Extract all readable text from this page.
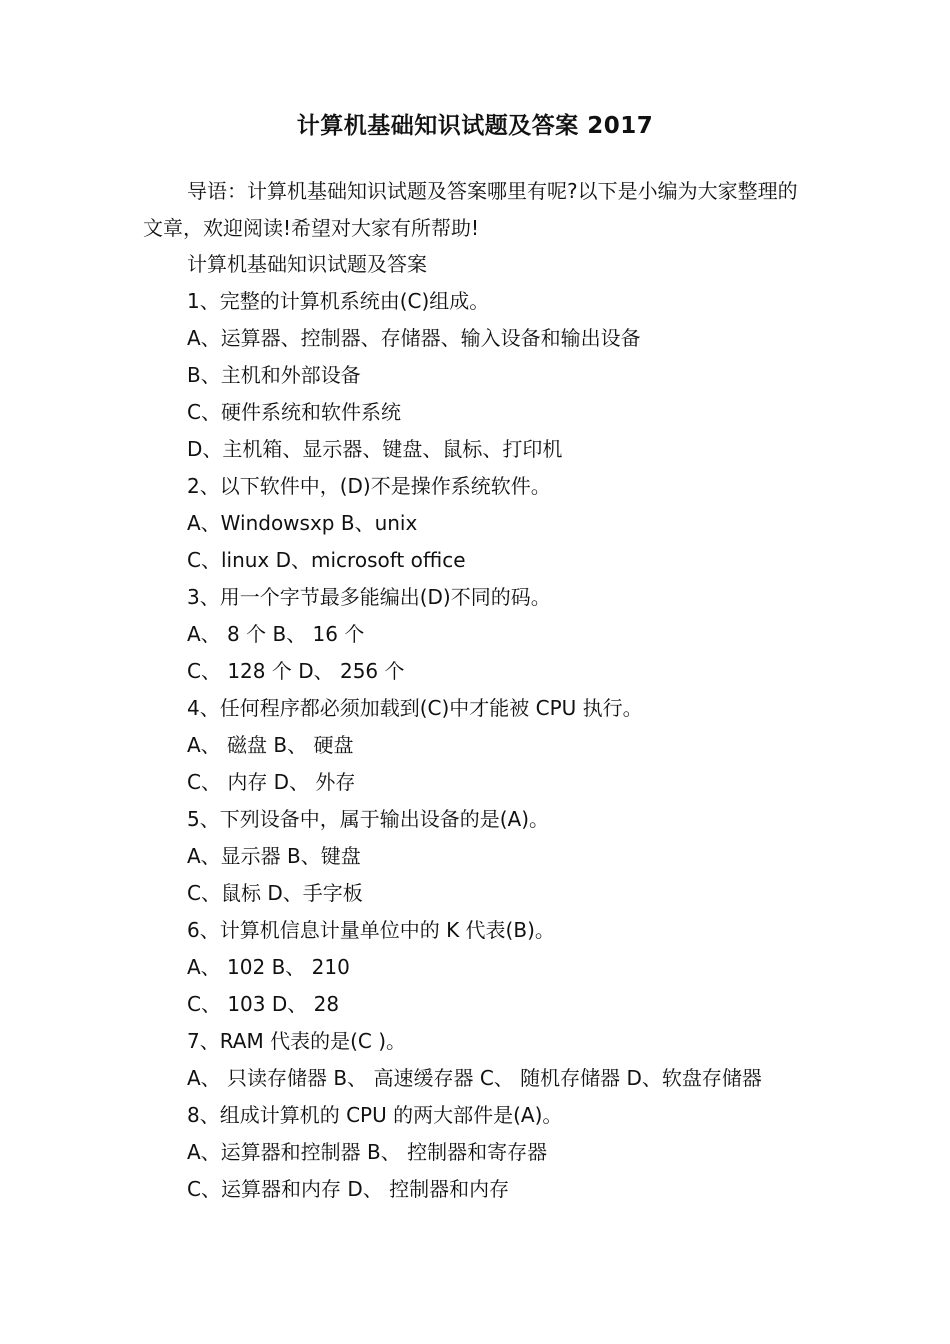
计算机基础知识试题及答案 2017
导语：计算机基础知识试题及答案哪里有呢?以下是小编为大家整理的文章，欢迎阅读!希望对大家有所帮助!
计算机基础知识试题及答案
1、完整的计算机系统由(C)组成。
A、运算器、控制器、存储器、输入设备和输出设备
B、主机和外部设备
C、硬件系统和软件系统
D、主机箱、显示器、键盘、鼠标、打印机
2、以下软件中，(D)不是操作系统软件。
A、Windowsxp B、unix
C、linux D、microsoft office
3、用一个字节最多能编出(D)不同的码。
A、 8 个 B、 16 个
C、 128 个 D、 256 个
4、任何程序都必须加载到(C)中才能被 CPU 执行。
A、 磁盘 B、 硬盘
C、 内存 D、 外存
5、下列设备中，属于输出设备的是(A)。
A、显示器 B、键盘
C、鼠标 D、手字板
6、计算机信息计量单位中的 K 代表(B)。
A、 102 B、 210
C、 103 D、 28
7、RAM 代表的是(C )。
A、 只读存储器 B、 高速缓存器 C、 随机存储器 D、软盘存储器
8、组成计算机的 CPU 的两大部件是(A)。
A、运算器和控制器 B、 控制器和寄存器
C、运算器和内存 D、 控制器和内存
